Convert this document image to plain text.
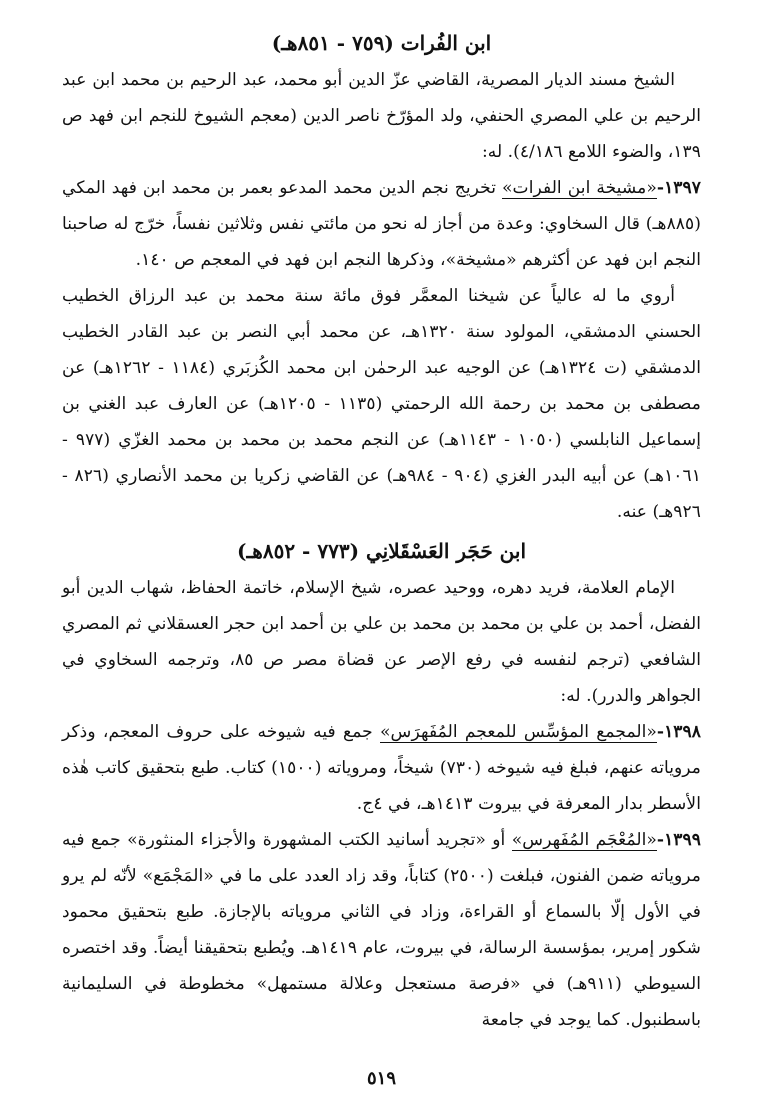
ابن الفُرات (٧٥٩ - ٨٥١هـ)

الشيخ مسند الديار المصرية، القاضي عزّ الدين أبو محمد، عبد الرحيم بن محمد ابن عبد الرحيم بن علي المصري الحنفي، ولد المؤرّخ ناصر الدين (معجم الشيوخ للنجم ابن فهد ص ١٣٩، والضوء اللامع ٤/١٨٦). له:

١٣٩٧-«مشيخة ابن الفرات» تخريج نجم الدين محمد المدعو بعمر بن محمد ابن فهد المكي (٨٨٥هـ) قال السخاوي: وعدة من أجاز له نحو من مائتي نفس وثلاثين نفساً، خرّج له صاحبنا النجم ابن فهد عن أكثرهم «مشيخة»، وذكرها النجم ابن فهد في المعجم ص ١٤٠.

أروي ما له عالياً عن شيخنا المعمَّر فوق مائة سنة محمد بن عبد الرزاق الخطيب الحسني الدمشقي، المولود سنة ١٣٢٠هـ، عن محمد أبي النصر بن عبد القادر الخطيب الدمشقي (ت ١٣٢٤هـ) عن الوجيه عبد الرحمٰن ابن محمد الكُزبَري (١١٨٤ - ١٢٦٢هـ) عن مصطفى بن محمد بن رحمة الله الرحمتي (١١٣٥ - ١٢٠٥هـ) عن العارف عبد الغني بن إسماعيل النابلسي (١٠٥٠ - ١١٤٣هـ) عن النجم محمد بن محمد بن محمد الغزّي (٩٧٧ - ١٠٦١هـ) عن أبيه البدر الغزي (٩٠٤ - ٩٨٤هـ) عن القاضي زكريا بن محمد الأنصاري (٨٢٦ - ٩٢٦هـ) عنه.

ابن حَجَر العَسْقَلانِي (٧٧٣ - ٨٥٢هـ)

الإمام العلامة، فريد دهره، ووحيد عصره، شيخ الإسلام، خاتمة الحفاظ، شهاب الدين أبو الفضل، أحمد بن علي بن محمد بن محمد بن علي بن أحمد ابن حجر العسقلاني ثم المصري الشافعي (ترجم لنفسه في رفع الإصر عن قضاة مصر ص ٨٥، وترجمه السخاوي في الجواهر والدرر). له:

١٣٩٨-«المجمع المؤسِّس للمعجم المُفَهرَس» جمع فيه شيوخه على حروف المعجم، وذكر مروياته عنهم، فبلغ فيه شيوخه (٧٣٠) شيخاً، ومروياته (١٥٠٠) كتاب. طبع بتحقيق كاتب هٰذه الأسطر بدار المعرفة في بيروت ١٤١٣هـ، في ٤ج.

١٣٩٩-«المُعْجَم المُفَهرس» أو «تجريد أسانيد الكتب المشهورة والأجزاء المنثورة» جمع فيه مروياته ضمن الفنون، فبلغت (٢٥٠٠) كتاباً، وقد زاد العدد على ما في «المَجْمَع» لأنّه لم يرو في الأول إلّا بالسماع أو القراءة، وزاد في الثاني مروياته بالإجازة. طبع بتحقيق محمود شكور إمرير، بمؤسسة الرسالة، في بيروت، عام ١٤١٩هـ. ويُطبع بتحقيقنا أيضاً. وقد اختصره السيوطي (٩١١هـ) في «فرصة مستعجل وعلالة مستمهل» مخطوطة في السليمانية باسطنبول. كما يوجد في جامعة

٥١٩
